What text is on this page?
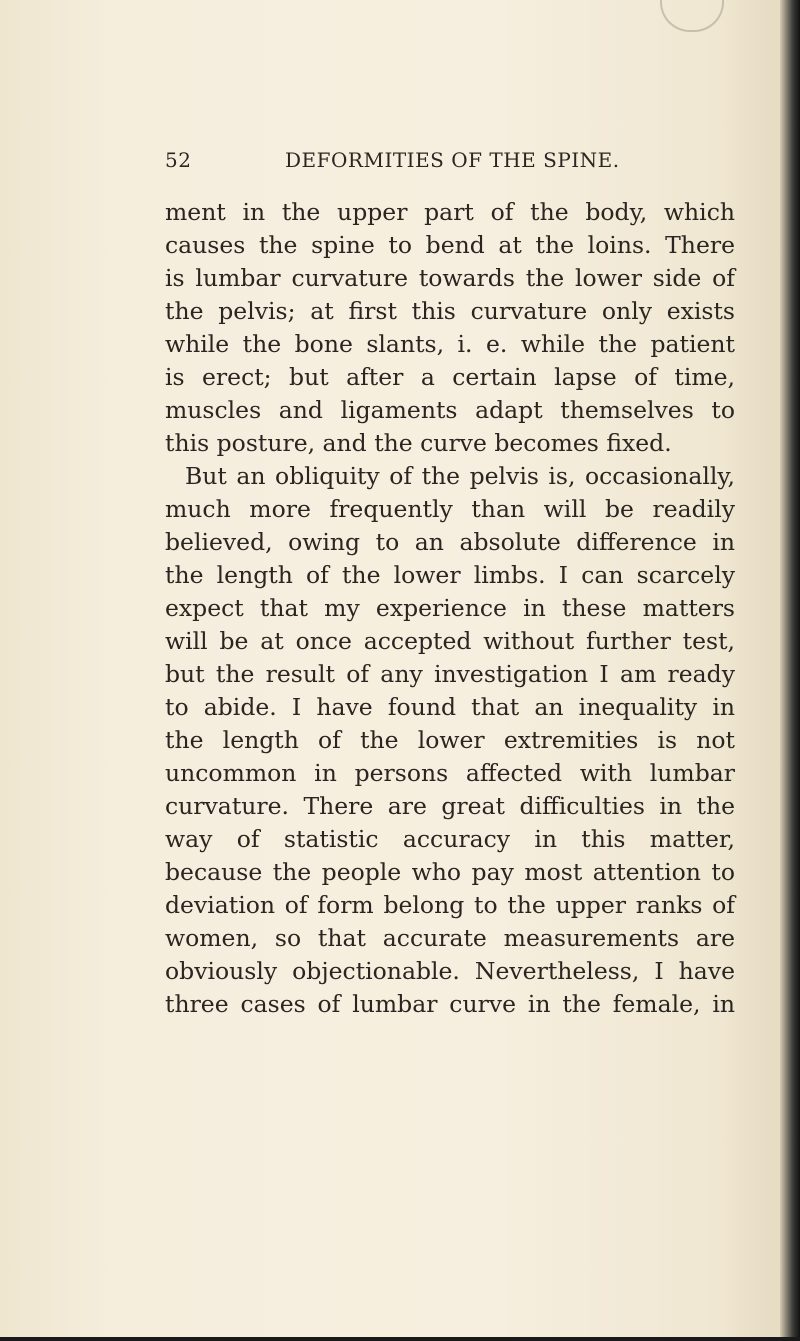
52	DEFORMITIES OF THE SPINE.
ment in the upper part of the body, which
causes the spine to bend at the loins. There
is lumbar curvature towards the lower side of
the pelvis; at first this curvature only exists
while the bone slants, i. e. while the patient
is erect; but after a certain lapse of time,
muscles and ligaments adapt themselves to
this posture, and the curve becomes fixed.
But an obliquity of the pelvis is, occasionally,
much more frequently than will be readily
believed, owing to an absolute difference in
the length of the lower limbs. I can scarcely
expect that my experience in these matters
will be at once accepted without further test,
but the result of any investigation I am ready
to abide. I have found that an inequality in
the length of the lower extremities is not
uncommon in persons affected with lumbar
curvature. There are great difficulties in the
way of statistic accuracy in this matter,
because the people who pay most attention to
deviation of form belong to the upper ranks of
women, so that accurate measurements are
obviously objectionable. Nevertheless, I have
three cases of lumbar curve in the female, in
